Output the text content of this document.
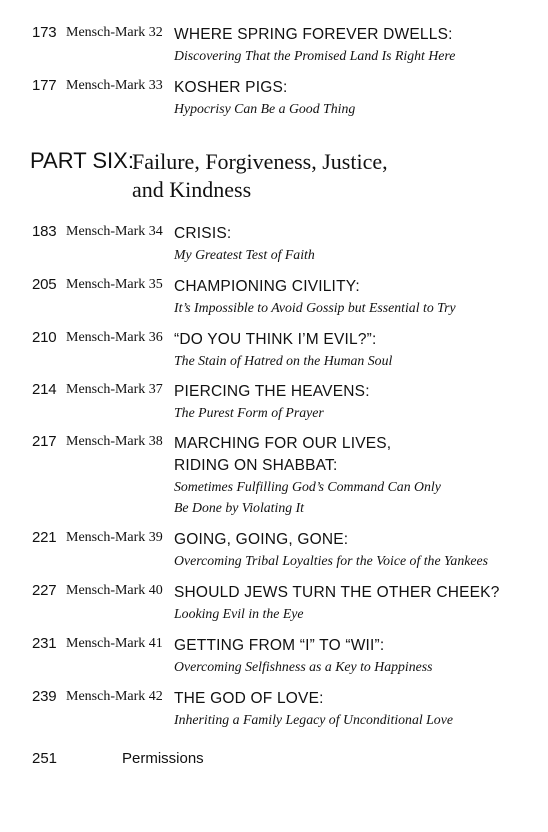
PART SIX:
Failure, Forgiveness, Justice,
and Kindness
251	Permissions
173 Mensch-Mark 32 WHERE SPRING FOREVER DWELLS:
Discovering That the Promised Land Is Right Here
177 Mensch-Mark 33 KOSHER PIGS:
Hypocrisy Can Be a Good Thing
183 Mensch-Mark 34 CRISIS:
My Greatest Test of Faith
205 Mensch-Mark 35 CHAMPIONING CIVILITY:
It’s Impossible to Avoid Gossip but Essential to Try
210 Mensch-Mark 36 “DO YOU THINK I’M EVIL?”:
The Stain of Hatred on the Human Soul
214 Mensch-Mark 37 PIERCING THE HEAVENS:
The Purest Form of Prayer
217 Mensch-Mark 38 MARCHING FOR OUR LIVES,
RIDING ON SHABBAT:
Sometimes Fulfilling God’s Command Can Only
Be Done by Violating It
221 Mensch-Mark 39 GOING, GOING, GONE:
Overcoming Tribal Loyalties for the Voice of the Yankees
227 Mensch-Mark 40 SHOULD JEWS TURN THE OTHER CHEEK?
Looking Evil in the Eye
231 Mensch-Mark 41 GETTING FROM “I” TO “WII”:
Overcoming Selfishness as a Key to Happiness
239 Mensch-Mark 42 THE GOD OF LOVE:
Inheriting a Family Legacy of Unconditional Love
